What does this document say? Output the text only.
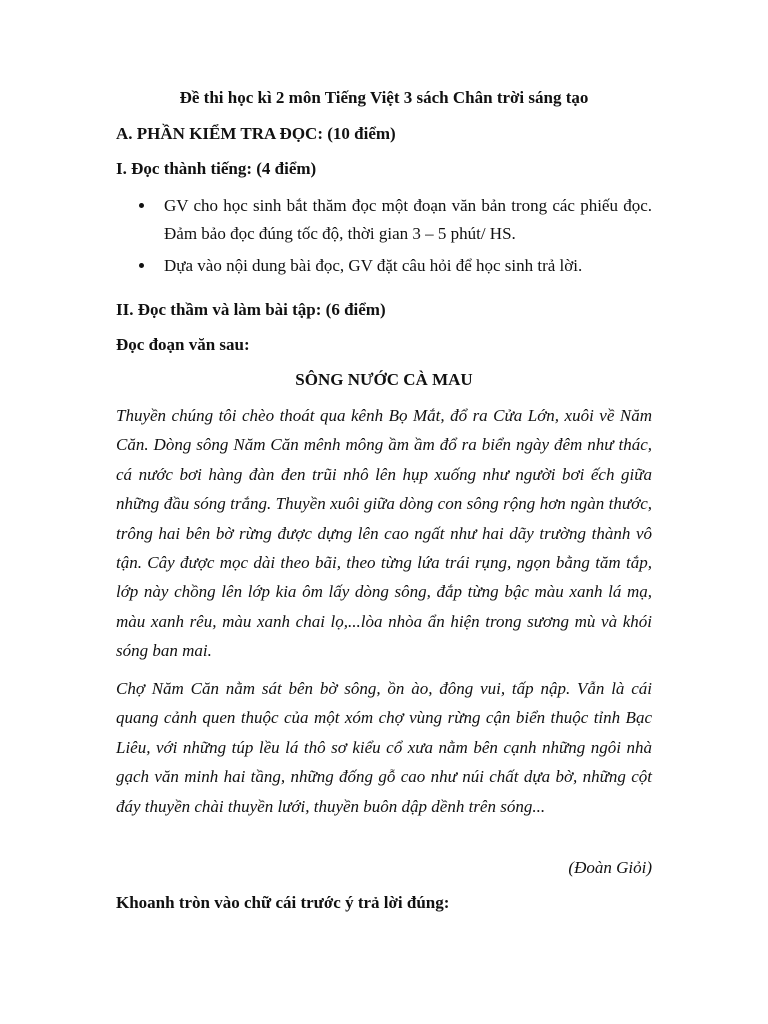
Đề thi học kì 2 môn Tiếng Việt 3 sách Chân trời sáng tạo
A. PHẦN KIỂM TRA ĐỌC: (10 điểm)
I. Đọc thành tiếng: (4 điểm)
GV cho học sinh bắt thăm đọc một đoạn văn bản trong các phiếu đọc. Đảm bảo đọc đúng tốc độ, thời gian 3 – 5 phút/ HS.
Dựa vào nội dung bài đọc, GV đặt câu hỏi để học sinh trả lời.
II. Đọc thầm và làm bài tập: (6 điểm)
Đọc đoạn văn sau:
SÔNG NƯỚC CÀ MAU

Thuyền chúng tôi chèo thoát qua kênh Bọ Mắt, đổ ra Cửa Lớn, xuôi về Năm Căn. Dòng sông Năm Căn mênh mông ầm ầm đổ ra biển ngày đêm như thác, cá nước bơi hàng đàn đen trũi nhô lên hụp xuống như người bơi ếch giữa những đầu sóng trắng. Thuyền xuôi giữa dòng con sông rộng hơn ngàn thước, trông hai bên bờ rừng được dựng lên cao ngất như hai dãy trường thành vô tận. Cây được mọc dài theo bãi, theo từng lứa trái rụng, ngọn bằng tăm tắp, lớp này chồng lên lớp kia ôm lấy dòng sông, đắp từng bậc màu xanh lá mạ, màu xanh rêu, màu xanh chai lọ,...lòa nhòa ẩn hiện trong sương mù và khói sóng ban mai.

Chợ Năm Căn nằm sát bên bờ sông, ồn ào, đông vui, tấp nập. Vẫn là cái quang cảnh quen thuộc của một xóm chợ vùng rừng cận biển thuộc tỉnh Bạc Liêu, với những túp lều lá thô sơ kiểu cổ xưa nằm bên cạnh những ngôi nhà gạch văn minh hai tầng, những đống gỗ cao như núi chất dựa bờ, những cột đáy thuyền chài thuyền lưới, thuyền buôn dập dềnh trên sóng...

(Đoàn Giỏi)
Khoanh tròn vào chữ cái trước ý trả lời đúng:
